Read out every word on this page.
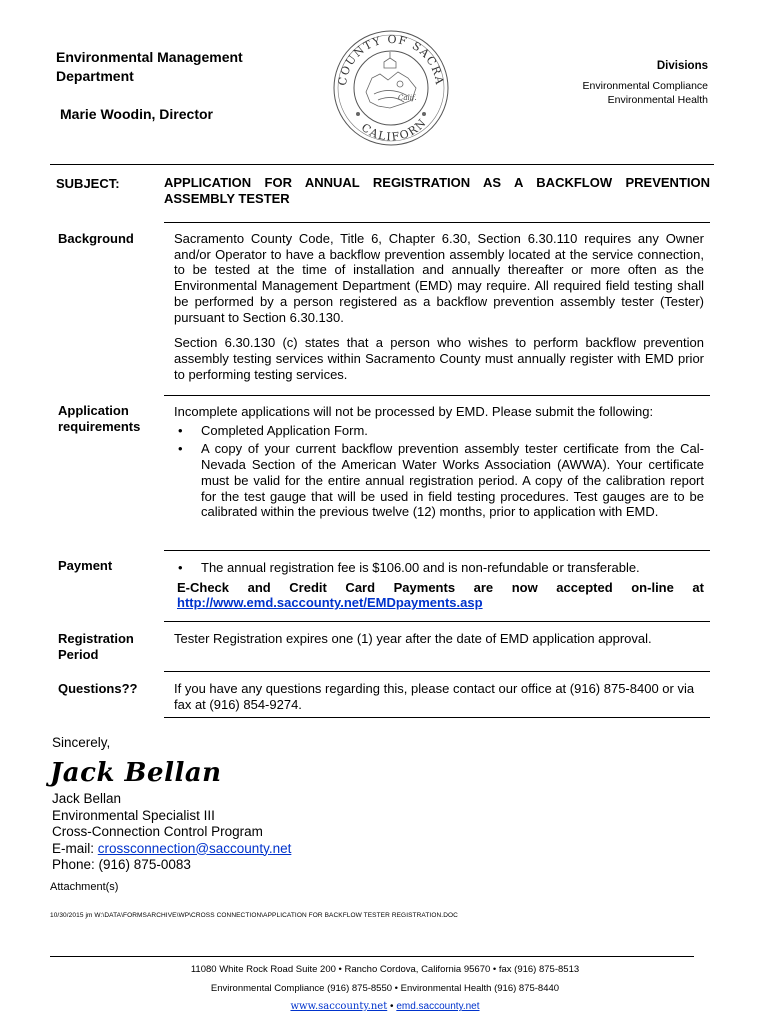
Environmental Management
Department
Marie Woodin, Director
COUNTY OF SACRA
CALIFORN
Calif.
Divisions
Environmental Compliance
Environmental Health
SUBJECT:	APPLICATION FOR ANNUAL REGISTRATION AS A BACKFLOW PREVENTION ASSEMBLY TESTER
Background	Sacramento County Code, Title 6, Chapter 6.30, Section 6.30.110 requires any Owner and/or Operator to have a backflow prevention assembly located at the service connection, to be tested at the time of installation and annually thereafter or more often as the Environmental Management Department (EMD) may require. All required field testing shall be performed by a person registered as a backflow prevention assembly tester (Tester) pursuant to Section 6.30.130.
Section 6.30.130 (c) states that a person who wishes to perform backflow prevention assembly testing services within Sacramento County must annually register with EMD prior to performing testing services.
Application
requirements
Incomplete applications will not be processed by EMD. Please submit the following:
• Completed Application Form.
• A copy of your current backflow prevention assembly tester certificate from the Cal-Nevada Section of the American Water Works Association (AWWA). Your certificate must be valid for the entire annual registration period. A copy of the calibration report for the test gauge that will be used in field testing procedures. Test gauges are to be calibrated within the previous twelve (12) months, prior to application with EMD.
Payment
•	The annual registration fee is $106.00 and is non-refundable or transferable.
E-Check and Credit Card Payments are now accepted on-line at
http://www.emd.saccounty.net/EMDpayments.asp
Registration
Period
Tester Registration expires one (1) year after the date of EMD application approval.
Questions??	If you have any questions regarding this, please contact our office at (916) 875-8400 or via fax at (916) 854-9274.
Sincerely,
Jack Bellan
Jack Bellan
Environmental Specialist III
Cross-Connection Control Program
E-mail: crossconnection@saccounty.net
Phone: (916) 875-0083
Attachment(s)
10/30/2015 jm W:\DATA\FORMSARCHIVE\WP\CROSS CONNECTION\APPLICATION FOR BACKFLOW TESTER REGISTRATION.DOC
11080 White Rock Road Suite 200 • Rancho Cordova, California 95670 • fax (916) 875-8513
Environmental Compliance (916) 875-8550 • Environmental Health (916) 875-8440
www.saccounty.net • emd.saccounty.net
